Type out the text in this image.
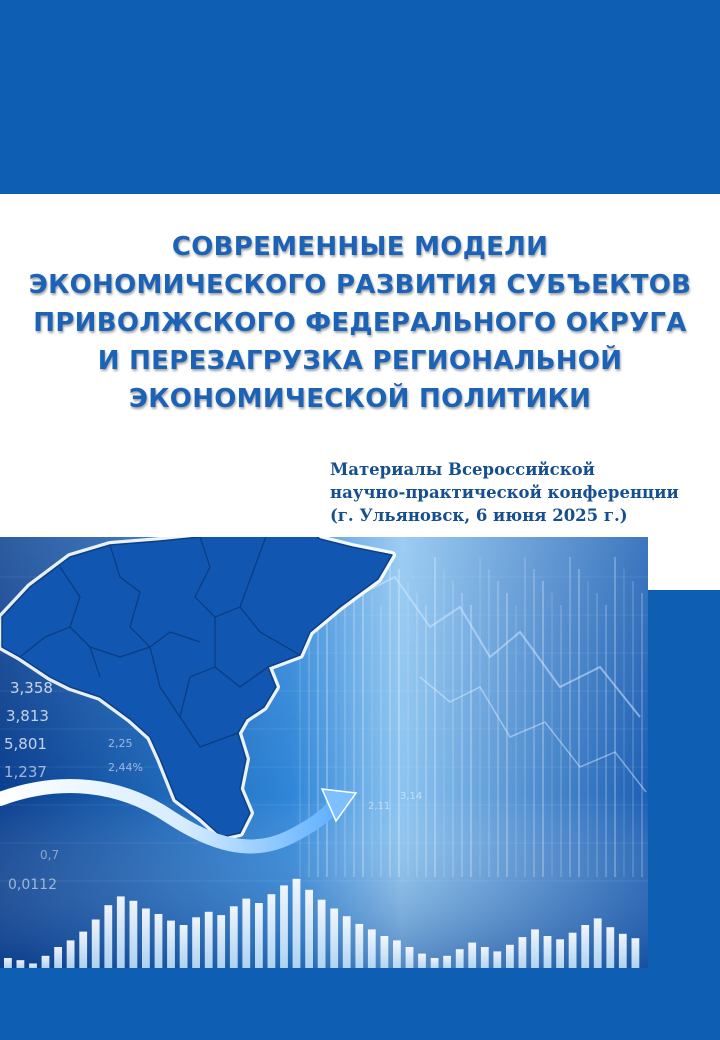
СОВРЕМЕННЫЕ МОДЕЛИ
ЭКОНОМИЧЕСКОГО РАЗВИТИЯ СУБЪЕКТОВ
ПРИВОЛЖСКОГО ФЕДЕРАЛЬНОГО ОКРУГА
И ПЕРЕЗАГРУЗКА РЕГИОНАЛЬНОЙ
ЭКОНОМИЧЕСКОЙ ПОЛИТИКИ
Материалы Всероссийской
научно-практической конференции
(г. Ульяновск, 6 июня 2025 г.)
3,358
3,813
5,801
1,237
2,25
2,44%
0,0112
0,7
2,11
3,14
